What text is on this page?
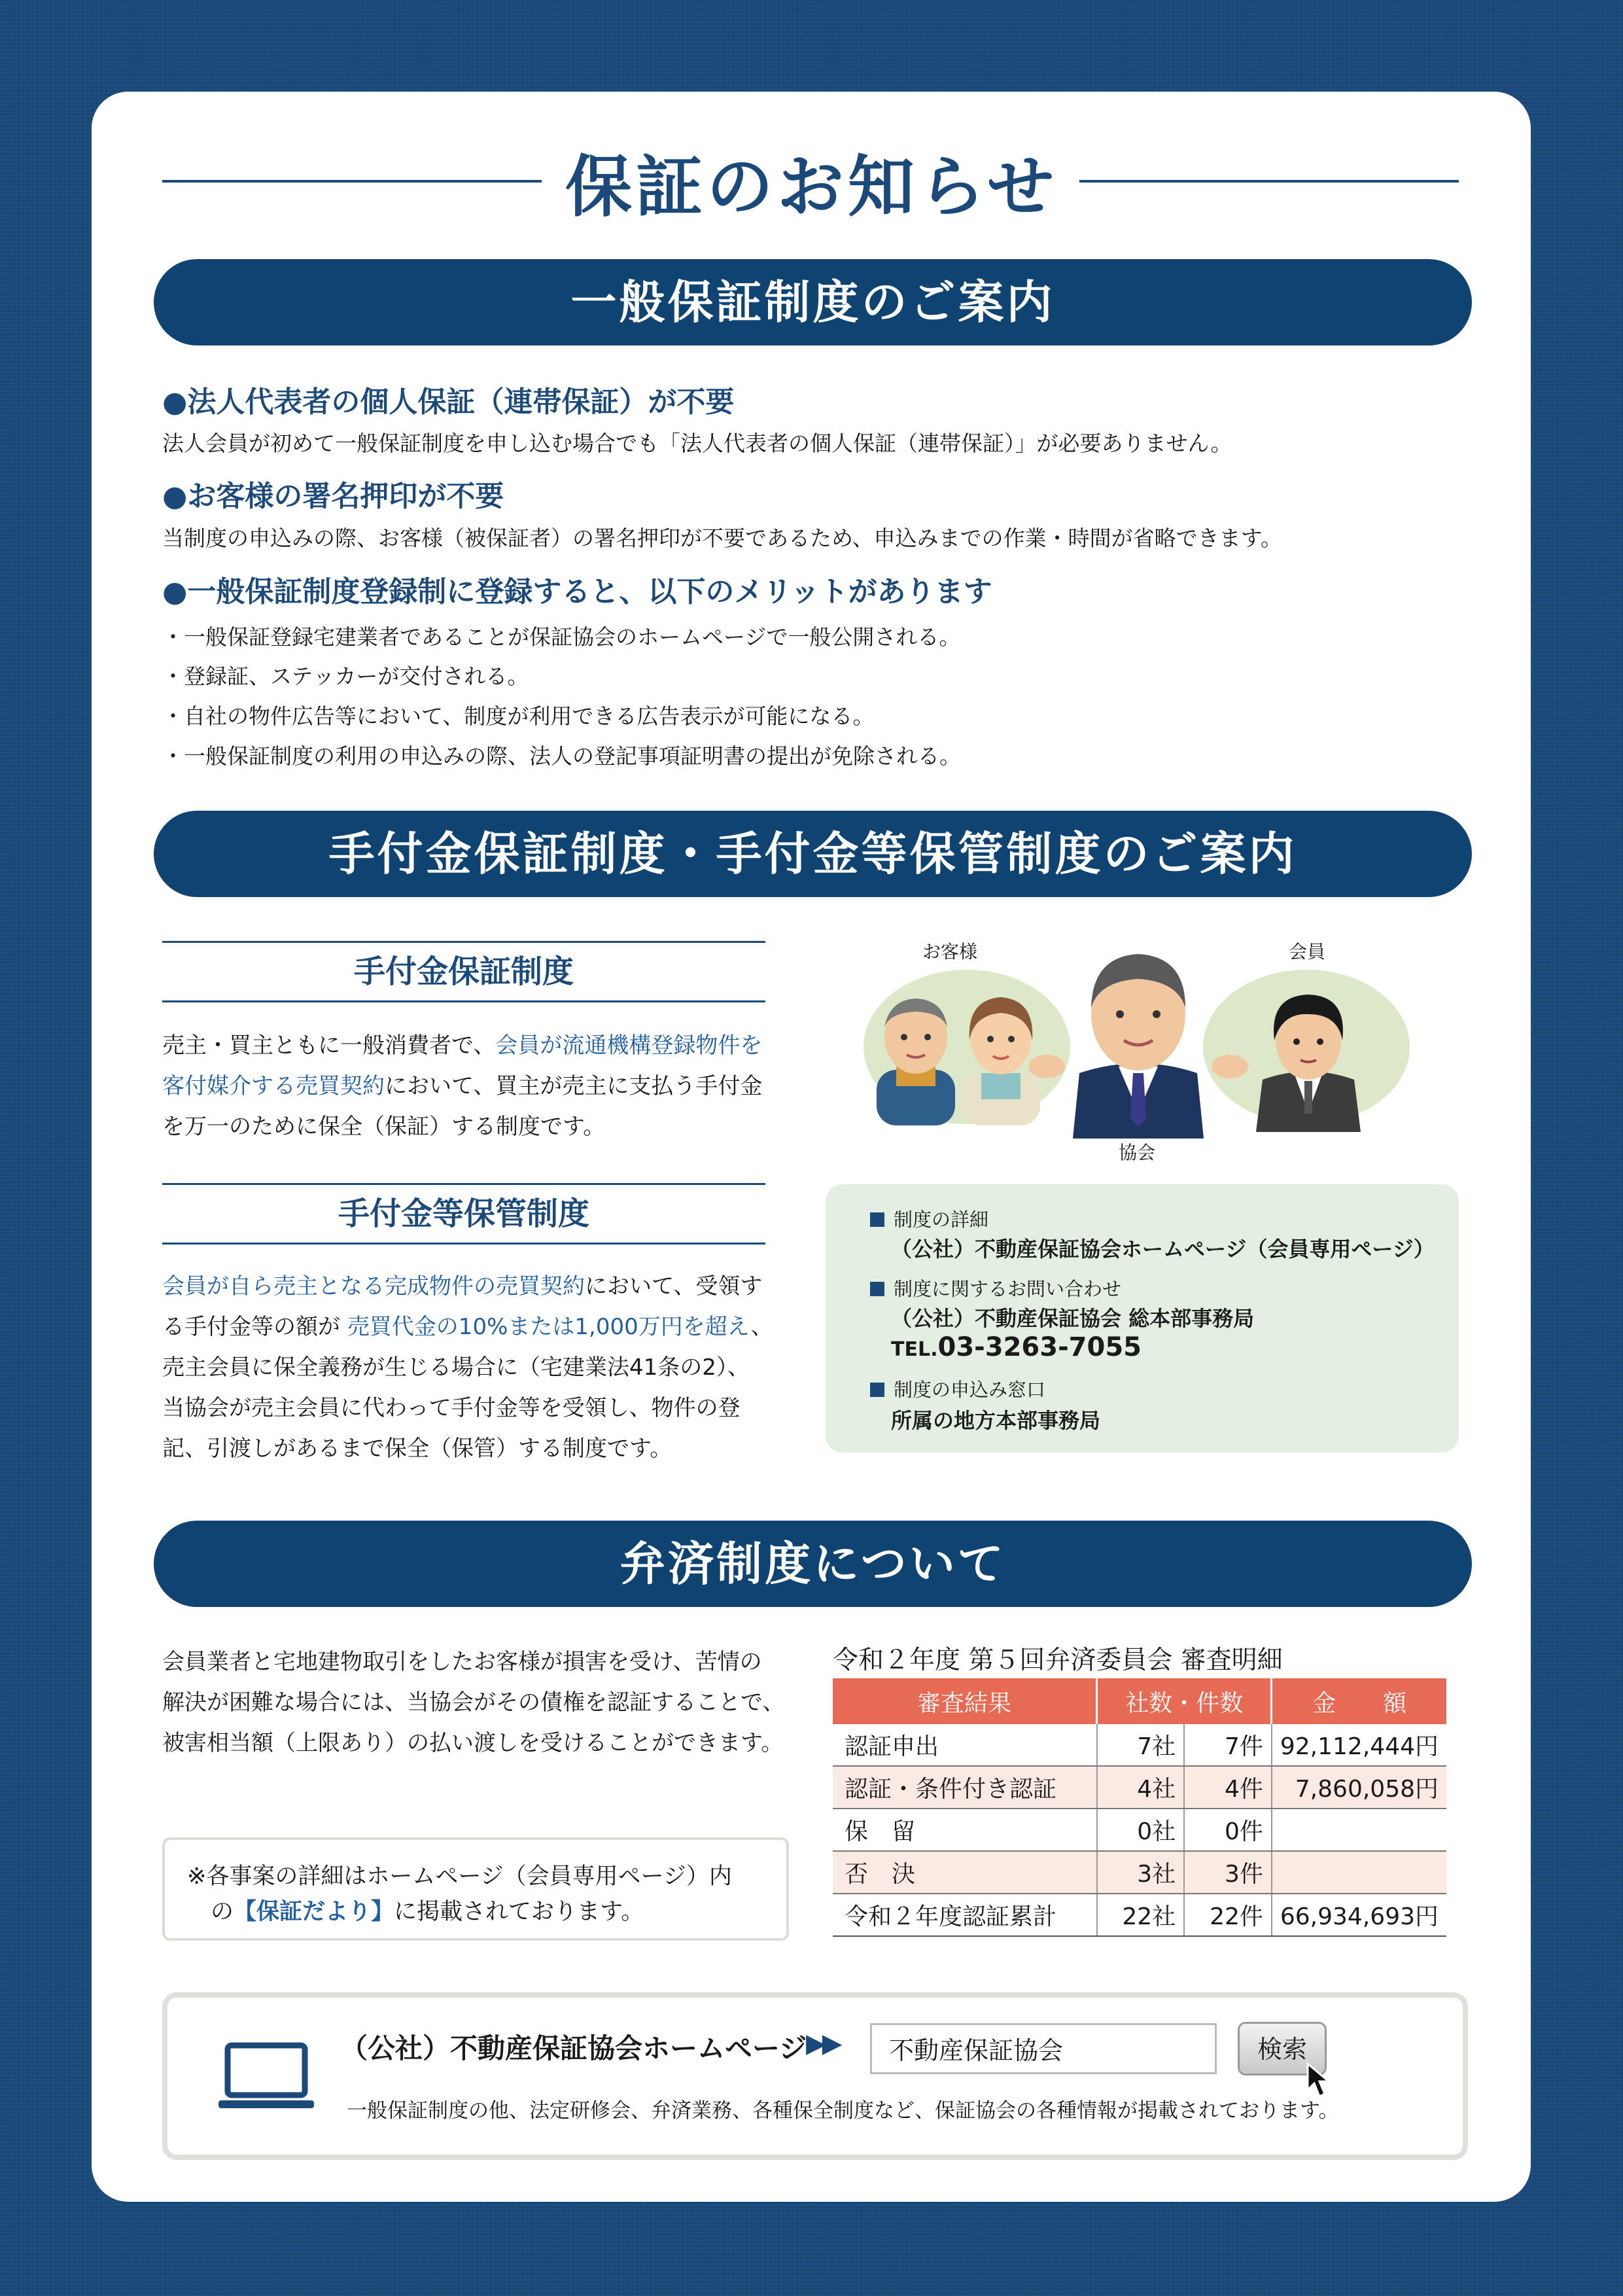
保証のお知らせ
一般保証制度のご案内
●法人代表者の個人保証（連帯保証）が不要
法人会員が初めて一般保証制度を申し込む場合でも「法人代表者の個人保証（連帯保証）」が必要ありません。
●お客様の署名押印が不要
当制度の申込みの際、お客様（被保証者）の署名押印が不要であるため、申込みまでの作業・時間が省略できます。
●一般保証制度登録制に登録すると、以下のメリットがあります
・一般保証登録宅建業者であることが保証協会のホームページで一般公開される。
・登録証、ステッカーが交付される。
・自社の物件広告等において、制度が利用できる広告表示が可能になる。
・一般保証制度の利用の申込みの際、法人の登記事項証明書の提出が免除される。
手付金保証制度・手付金等保管制度のご案内
手付金保証制度
売主・買主ともに一般消費者で、会員が流通機構登録物件を
客付媒介する売買契約において、買主が売主に支払う手付金
を万一のために保全（保証）する制度です。
手付金等保管制度
会員が自ら売主となる完成物件の売買契約において、受領す
る手付金等の額が 売買代金の10%または1,000万円を超え、
売主会員に保全義務が生じる場合に（宅建業法41条の2）、
当協会が売主会員に代わって手付金等を受領し、物件の登
記、引渡しがあるまで保全（保管）する制度です。
お客様	会員
協会
制度の詳細
（公社）不動産保証協会ホームページ（会員専用ページ）
制度に関するお問い合わせ
（公社）不動産保証協会 総本部事務局
TEL.03-3263-7055
制度の申込み窓口
所属の地方本部事務局
弁済制度について
会員業者と宅地建物取引をしたお客様が損害を受け、苦情の
解決が困難な場合には、当協会がその債権を認証することで、
被害相当額（上限あり）の払い渡しを受けることができます。
※各事案の詳細はホームページ（会員専用ページ）内
の【保証だより】に掲載されております。
令和２年度 第５回弁済委員会 審査明細
審査結果	社数・件数		金　　額
認証申出	7社	7件	92,112,444円
認証・条件付き認証	4社	4件	7,860,058円
保　留	0社	0件	
否　決	3社	3件	
令和２年度認証累計	22社	22件	66,934,693円
（公社）不動産保証協会ホームページ
▶▶	不動産保証協会	検索
一般保証制度の他、法定研修会、弁済業務、各種保全制度など、保証協会の各種情報が掲載されております。
